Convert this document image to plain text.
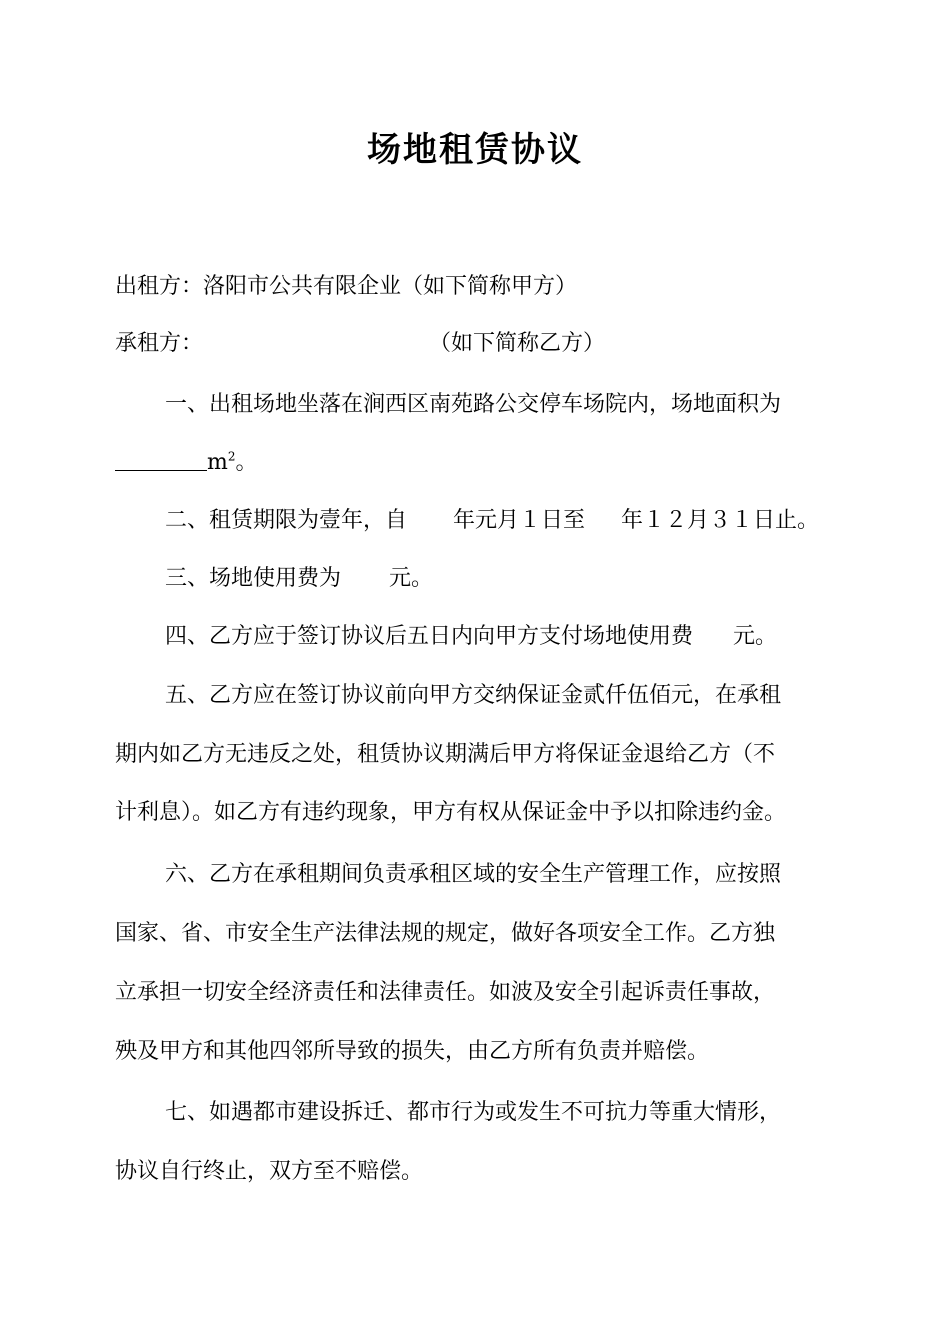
场地租赁协议
出租方：洛阳市公共有限企业（如下简称甲方）
承租方：	（如下简称乙方）
一、出租场地坐落在涧西区南苑路公交停车场院内，场地面积为
$m^2$。
二、租赁期限为壹年，自 年元月１日至 年１２月３１日止。
三、场地使用费为 元。
四、乙方应于签订协议后五日内向甲方支付场地使用费 元。
五、乙方应在签订协议前向甲方交纳保证金贰仟伍佰元，在承租
期内如乙方无违反之处，租赁协议期满后甲方将保证金退给乙方（不
计利息）。如乙方有违约现象，甲方有权从保证金中予以扣除违约金。
六、乙方在承租期间负责承租区域的安全生产管理工作，应按照
国家、省、市安全生产法律法规的规定，做好各项安全工作。乙方独
立承担一切安全经济责任和法律责任。如波及安全引起诉责任事故，
殃及甲方和其他四邻所导致的损失，由乙方所有负责并赔偿。
七、如遇都市建设拆迁、都市行为或发生不可抗力等重大情形，
协议自行终止，双方至不赔偿。
